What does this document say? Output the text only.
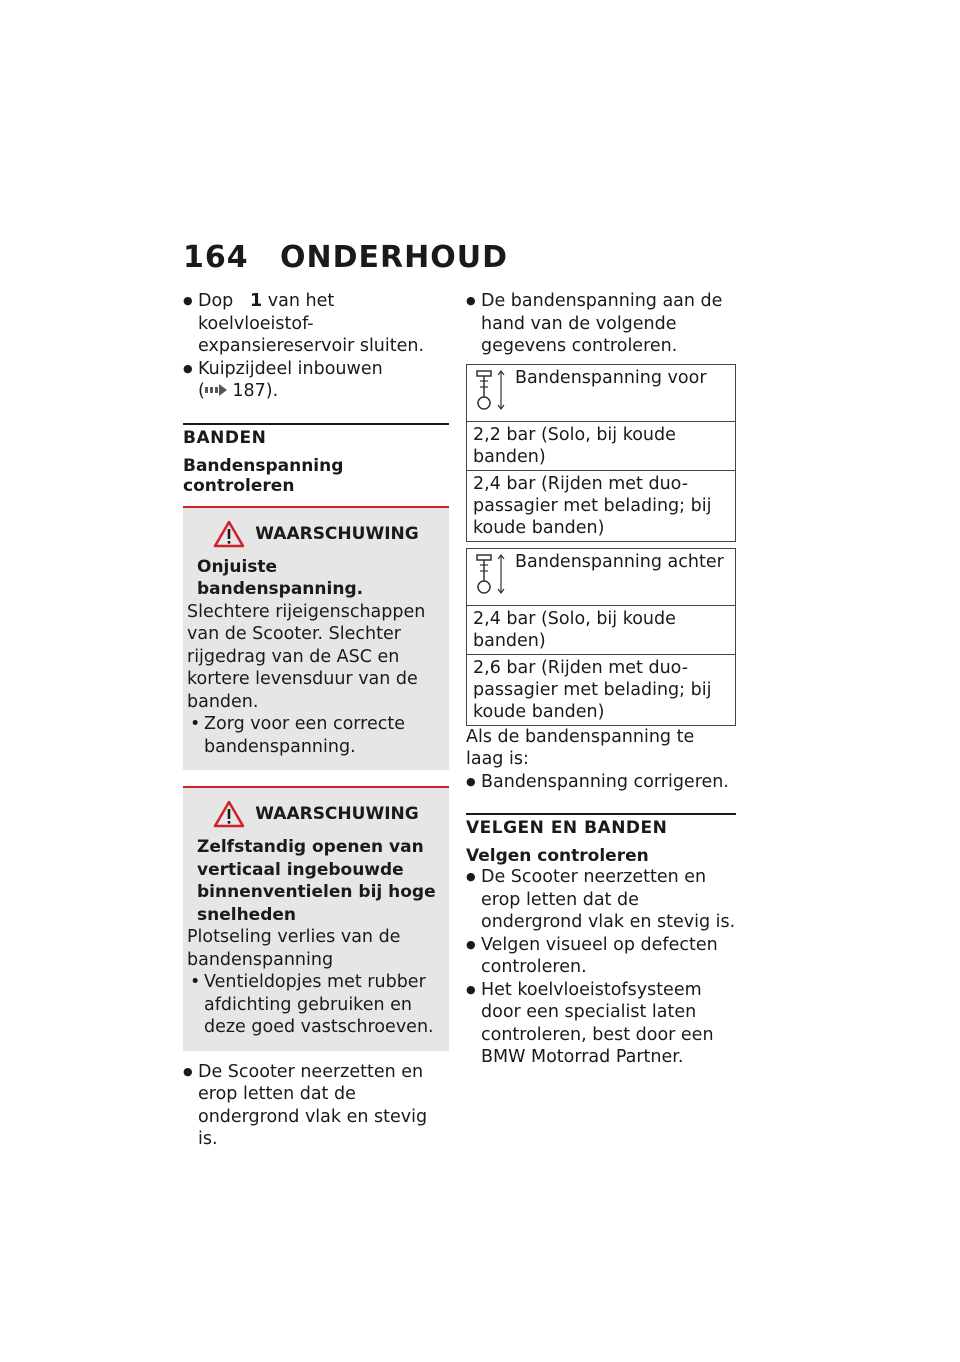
164 ONDERHOUD
● Dop 1 van het koelvloeistof-expansiereservoir sluiten.
● Kuipzijdeel inbouwen
( 187).
BANDEN
Bandenspanning controleren
WAARSCHUWING
Onjuiste bandenspanning.
Slechtere rijeigenschappen van de Scooter. Slechter rijgedrag van de ASC en kortere levensduur van de banden.
• Zorg voor een correcte bandenspanning.
WAARSCHUWING
Zelfstandig openen van verticaal ingebouwde binnenventielen bij hoge snelheden
Plotseling verlies van de bandenspanning
• Ventieldopjes met rubber afdichting gebruiken en deze goed vastschroeven.
● De Scooter neerzetten en erop letten dat de ondergrond vlak en stevig is.
● De bandenspanning aan de hand van de volgende gegevens controleren.
Bandenspanning voor

2,2 bar (Solo, bij koude banden)
2,4 bar (Rijden met duo-passagier met belading; bij koude banden)
Bandenspanning achter

2,4 bar (Solo, bij koude banden)
2,6 bar (Rijden met duo-passagier met belading; bij koude banden)
Als de bandenspanning te laag is:
● Bandenspanning corrigeren.
VELGEN EN BANDEN
Velgen controleren
● De Scooter neerzetten en erop letten dat de ondergrond vlak en stevig is.
● Velgen visueel op defecten controleren.
● Het koelvloeistofsysteem door een specialist laten controleren, best door een BMW Motorrad Partner.
